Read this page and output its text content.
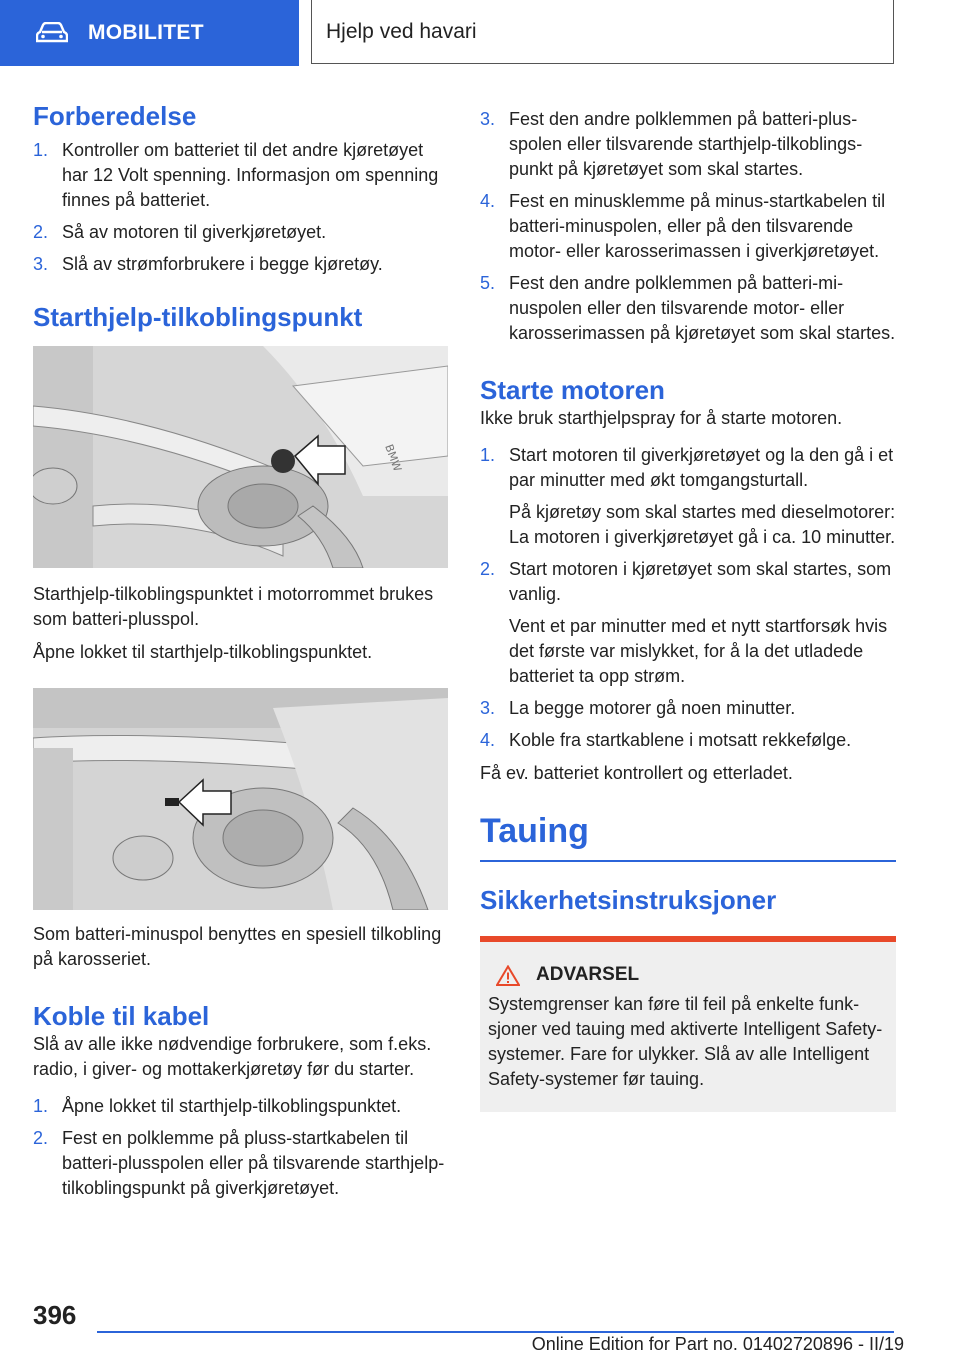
MOBILITET	Hjelp ved havari
Forberedelse
1. Kontroller om batteriet til det andre kjøretøyet har 12 Volt spenning. Informasjon om spenning finnes på batteriet.
2. Så av motoren til giverkjøretøyet.
3. Slå av strømforbrukere i begge kjøretøy.
Starthjelp-tilkoblingspunkt
BMW

Starthjelp-tilkoblingspunktet i motorrommet brukes som batteri-plusspol.

Åpne lokket til starthjelp-tilkoblingspunktet.

Som batteri-minuspol benyttes en spesiell tilkobling på karosseriet.

Koble til kabel

Slå av alle ikke nødvendige forbrukere, som f.eks. radio, i giver- og mottakerkjøretøy før du starter.

1. Åpne lokket til starthjelp-tilkoblingspunktet.
2. Fest en polklemme på pluss-startkabelen til batteri-plusspolen eller på tilsvarende starthjelp-tilkoblingspunkt på giverkjøretøyet.
3. Fest den andre polklemmen på batteri-plusspolen eller tilsvarende starthjelp-tilkoblingspunkt på kjøretøyet som skal startes.
4. Fest en minusklemme på minus-startkabelen til batteri-minuspolen, eller på den tilsvarende motor- eller karosserimassen i giverkjøretøyet.
5. Fest den andre polklemmen på batteri-minuspolen eller den tilsvarende motor- eller karosserimassen på kjøretøyet som skal startes.
Starte motoren

Ikke bruk starthjelpspray for å starte motoren.

1. Start motoren til giverkjøretøyet og la den gå i et par minutter med økt tomgangsturtall.
På kjøretøy som skal startes med dieselmotorer: La motoren i giverkjøretøyet gå i ca. 10 minutter.
2. Start motoren i kjøretøyet som skal startes, som vanlig.
Vent et par minutter med et nytt startforsøk hvis det første var mislykket, for å la det utladede batteriet ta opp strøm.
3. La begge motorer gå noen minutter.
4. Koble fra startkablene i motsatt rekkefølge.

Få ev. batteriet kontrollert og etterladet.

Tauing
Sikkerhetsinstruksjoner
ADVARSEL

Systemgrenser kan føre til feil på enkelte funksjoner ved tauing med aktiverte Intelligent Safety-systemer. Fare for ulykker. Slå av alle Intelligent Safety-systemer før tauing.

396
Online Edition for Part no. 01402720896 - II/19
